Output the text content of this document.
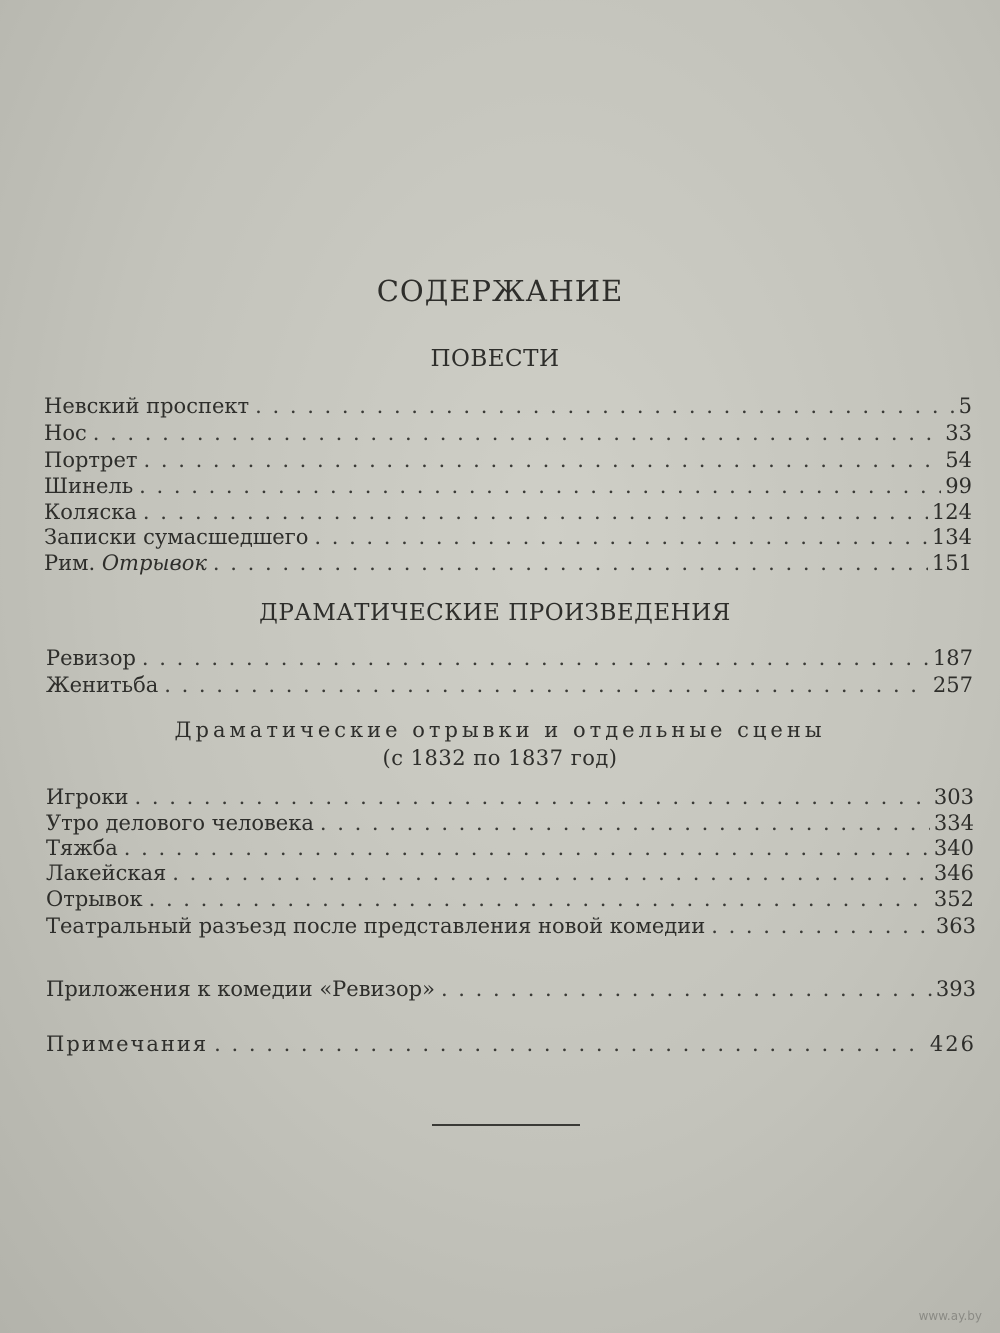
СОДЕРЖАНИЕ
ПОВЕСТИ
Невский проспект . . .	5
Нос . . .	33
Портрет . . .	54
Шинель . . .	99
Коляска . . .	124
Записки сумасшедшего . . .	134
Рим. Отрывок . . .	151
ДРАМАТИЧЕСКИЕ ПРОИЗВЕДЕНИЯ
Ревизор . . .	187
Женитьба . . .	257
Драматические отрывки и отдельные сцены
(с 1832 по 1837 год)
Игроки . . .	303
Утро делового человека . . .	334
Тяжба . . .	340
Лакейская . . .	346
Отрывок . . .	352
Театральный разъезд после представления новой комедии . . .	363
Приложения к комедии «Ревизор» . . .	393
Примечания . . .	426
www.ay.by
